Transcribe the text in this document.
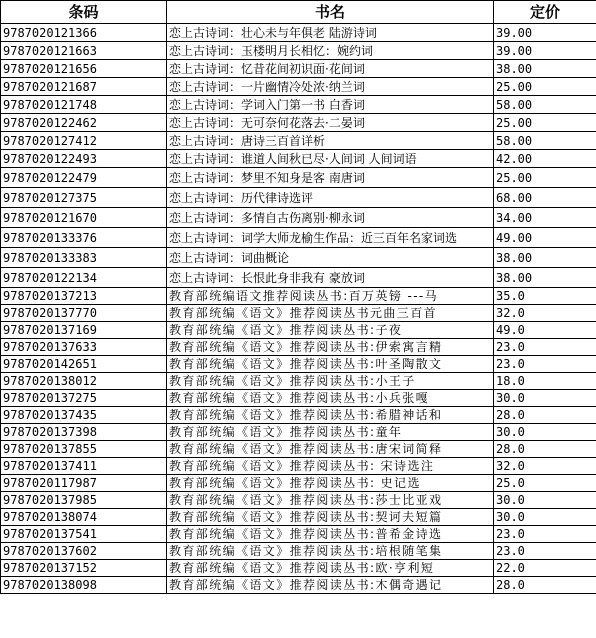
条码	书名	定价
9787020121366	恋上古诗词：壮心未与年俱老 陆游诗词	39.00
9787020121663	恋上古诗词：玉楼明月长相忆：婉约词	39.00
9787020121656	恋上古诗词：忆昔花间初识面·花间词	38.00
9787020121687	恋上古诗词：一片幽情冷处浓·纳兰词	25.00
9787020121748	恋上古诗词：学词入门第一书 白香词	58.00
9787020122462	恋上古诗词：无可奈何花落去·二晏词	25.00
9787020127412	恋上古诗词：唐诗三百首详析	58.00
9787020122493	恋上古诗词：谁道人间秋已尽·人间词 人间词语	42.00
9787020122479	恋上古诗词：梦里不知身是客 南唐词	25.00
9787020127375	恋上古诗词：历代律诗选评	68.00
9787020121670	恋上古诗词：多情自古伤离别·柳永词	34.00
9787020133376	恋上古诗词：词学大师龙榆生作品：近三百年名家词选	49.00
9787020133383	恋上古诗词：词曲概论	38.00
9787020122134	恋上古诗词：长恨此身非我有 豪放词	38.00
9787020137213	教育部统编语文推荐阅读丛书:百万英镑 ---马	35.0
9787020137770	教育部统编《语文》推荐阅读丛书元曲三百首	32.0
9787020137169	教育部统编《语文》推荐阅读丛书:子夜	49.0
9787020137633	教育部统编《语文》推荐阅读丛书:伊索寓言精	23.0
9787020142651	教育部统编《语文》推荐阅读丛书:叶圣陶散文	23.0
9787020138012	教育部统编《语文》推荐阅读丛书:小王子	18.0
9787020137275	教育部统编《语文》推荐阅读丛书:小兵张嘎	30.0
9787020137435	教育部统编《语文》推荐阅读丛书:希腊神话和	28.0
9787020137398	教育部统编《语文》推荐阅读丛书:童年	30.0
9787020137855	教育部统编《语文》推荐阅读丛书:唐宋词简释	28.0
9787020137411	教育部统编《语文》推荐阅读丛书: 宋诗选注	32.0
9787020117987	教育部统编《语文》推荐阅读丛书: 史记选	25.0
9787020137985	教育部统编《语文》推荐阅读丛书:莎士比亚戏	30.0
9787020138074	教育部统编《语文》推荐阅读丛书:契诃夫短篇	30.0
9787020137541	教育部统编《语文》推荐阅读丛书:普希金诗选	23.0
9787020137602	教育部统编《语文》推荐阅读丛书:培根随笔集	23.0
9787020137152	教育部统编《语文》推荐阅读丛书:欧·亨利短	22.0
9787020138098	教育部统编《语文》推荐阅读丛书:木偶奇遇记	28.0
